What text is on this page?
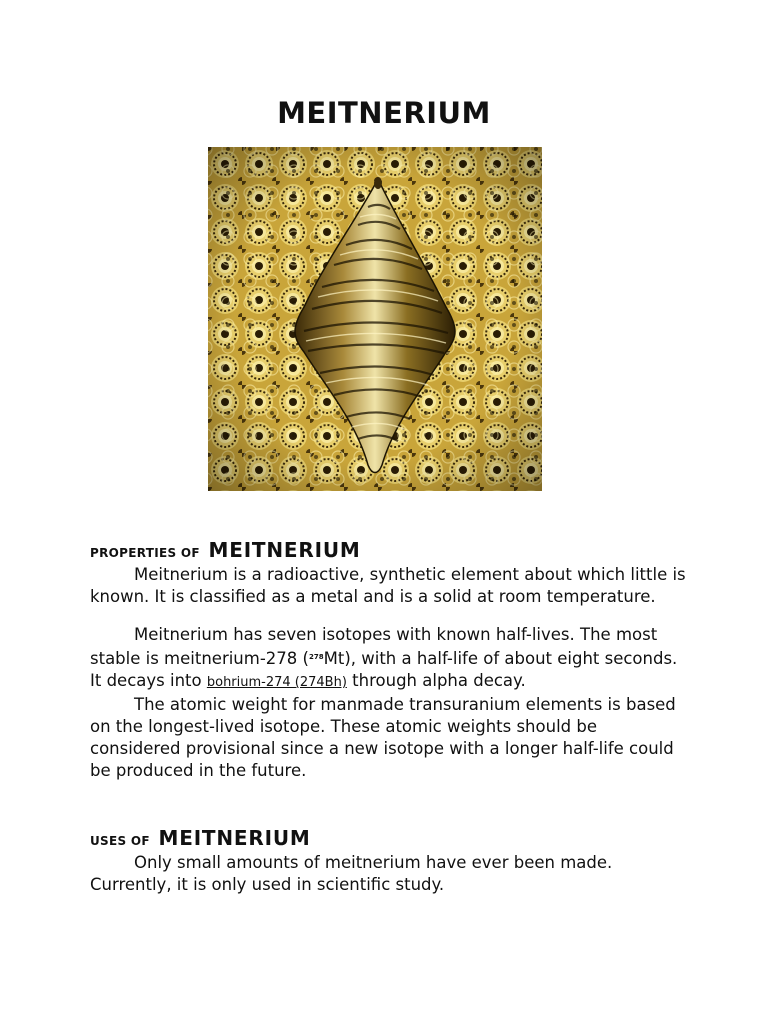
MEITNERIUM
PROPERTIES OF MEITNERIUM

Meitnerium is a radioactive, synthetic element about which little is known. It is classified as a metal and is a solid at room temperature.

Meitnerium has seven isotopes with known half-lives. The most stable is meitnerium-278 ($^{278}$Mt), with a half-life of about eight seconds. It decays into bohrium-274 (274Bh) through alpha decay.

The atomic weight for manmade transuranium elements is based on the longest-lived isotope. These atomic weights should be considered provisional since a new isotope with a longer half-life could be produced in the future.

USES OF MEITNERIUM

Only small amounts of meitnerium have ever been made. Currently, it is only used in scientific study.
